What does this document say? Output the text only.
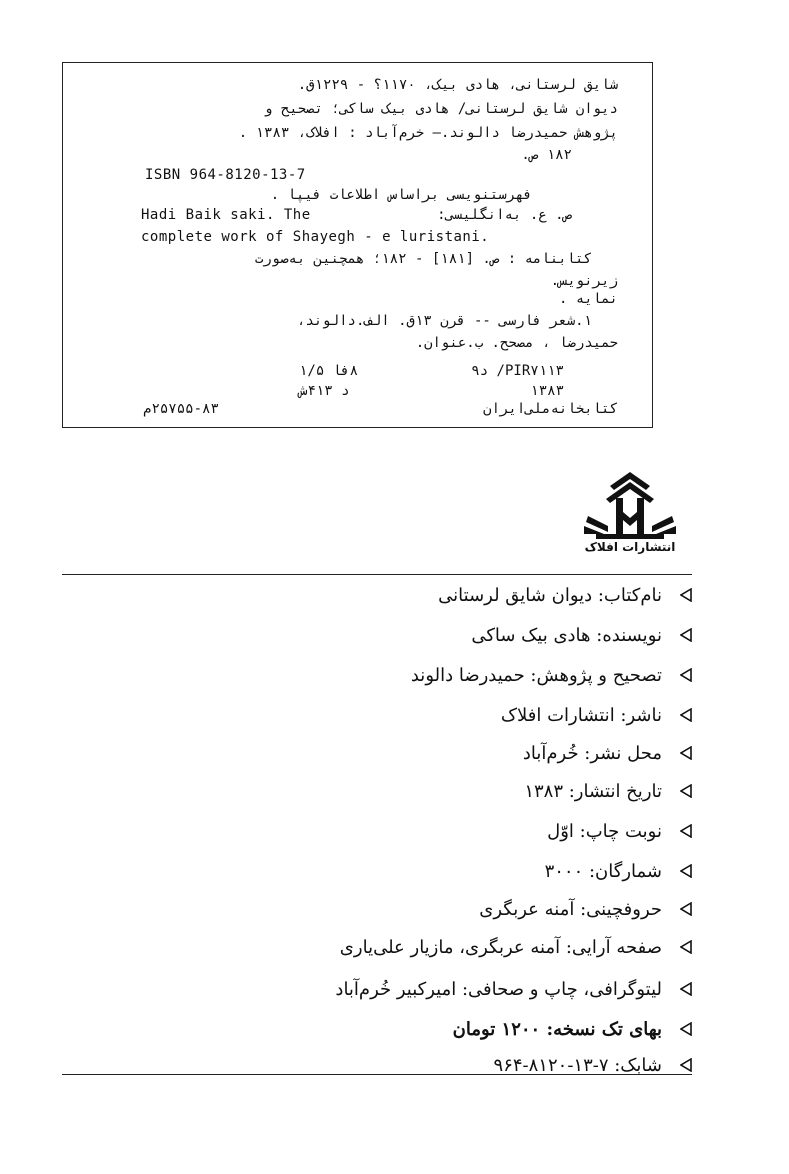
شایق لرستانی، هادی بیک، ۱۱۷۰؟ - ۱۲۲۹ق.
دیوان شایق لرستانی/ هادی بیک ساکی؛ تصحیح و
پژوهش حمیدرضا دالوند.— خرم‌آباد : افلاک، ۱۳۸۳ .
۱۸۲ ص.
ISBN 964-8120-13-7
فهرستنویسی براساس اطلاعات فیپا .
ص. ع. به‌انگلیسی:
Hadi Baik saki. The
complete work of Shayegh - e luristani.
کتابنامه : ص. [۱۸۱] - ۱۸۲؛ همچنین به‌صورت
زیرنویس.
نمایه .
۱.شعر فارسی -- قرن ۱۳ق. الف.دالوند،
حمیدرضا ، مصحح. ب.عنوان.
PIR۷۱۱۳/ د۹
۱۳۸۳
۸فا ۱/۵
د ۴۱۳ش
کتابخانه‌ملی‌ایران
۲۵۷۵۵-۸۳م
انتشارات افلاک
نام‌کتاب: دیوان شایق لرستانی
نویسنده: هادی بیک ساکی
تصحیح و پژوهش: حمیدرضا دالوند
ناشر: انتشارات افلاک
محل نشر: خُرم‌آباد
تاریخ انتشار: ۱۳۸۳
نوبت چاپ: اوّل
شمارگان: ۳۰۰۰
حروفچینی: آمنه عربگری
صفحه آرایی: آمنه عربگری، مازیار علی‌یاری
لیتوگرافی، چاپ و صحافی: امیرکبیر خُرم‌آباد
بهای تک نسخه: ۱۲۰۰ تومان
شابک: ۷-۱۳-۸۱۲۰-۹۶۴
